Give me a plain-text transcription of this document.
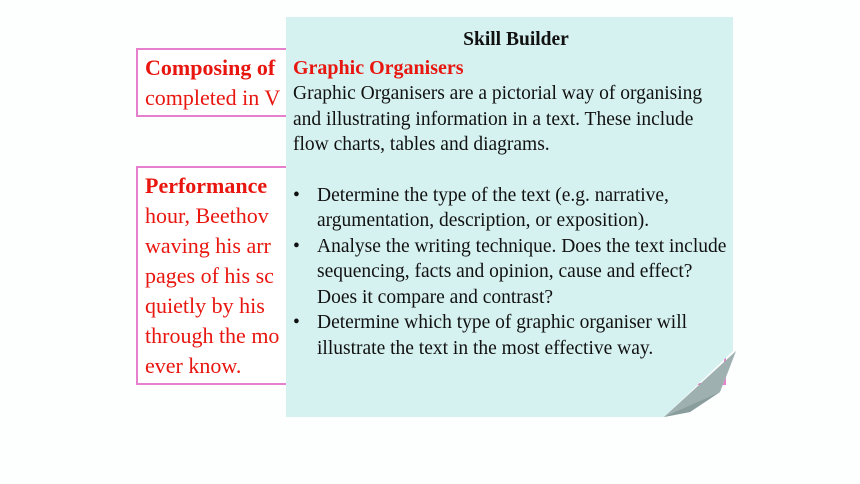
Composing of
completed in V
Performance
hour, Beethov
waving his arr
pages of his sc
quietly by his
through the mo
ever know.
Skill Builder
Graphic Organisers

Graphic Organisers are a pictorial way of organising and illustrating information in a text. These include flow charts, tables and diagrams.

• Determine the type of the text (e.g. narrative, argumentation, description, or exposition).
• Analyse the writing technique. Does the text include sequencing, facts and opinion, cause and effect? Does it compare and contrast?
• Determine which type of graphic organiser will illustrate the text in the most effective way.
